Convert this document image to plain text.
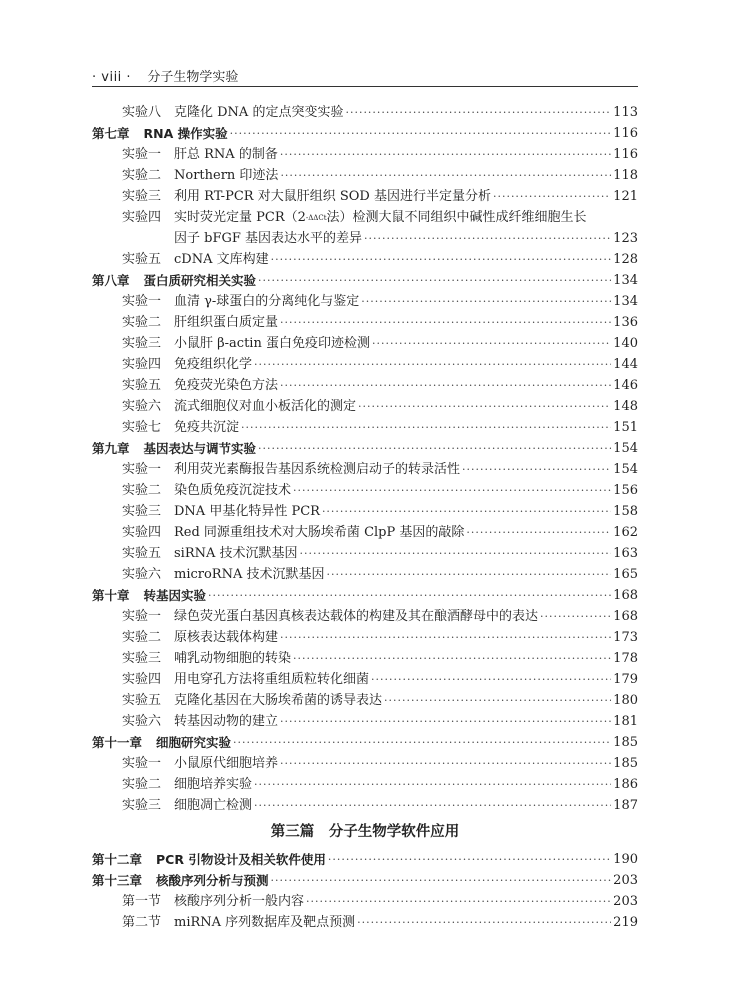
· viii · 分子生物学实验
第三篇　分子生物学软件应用
实验八 克隆化 DNA 的定点突变实验 ·····	113
第七章 RNA 操作实验 ·····	116
实验一 肝总 RNA 的制备 ·····	116
实验二 Northern 印迹法 ·····	118
实验三 利用 RT-PCR 对大鼠肝组织 SOD 基因进行半定量分析 ·····	121
实验四 实时荧光定量 PCR（2 -ΔΔCt 法）检测大鼠不同组织中碱性成纤维细胞生长
因子 bFGF 基因表达水平的差异 ·····	123
实验五 cDNA 文库构建 ·····	128
第八章 蛋白质研究相关实验 ·····	134
实验一 血清 γ-球蛋白的分离纯化与鉴定 ·····	134
实验二 肝组织蛋白质定量 ·····	136
实验三 小鼠肝 β-actin 蛋白免疫印迹检测 ·····	140
实验四 免疫组织化学 ·····	144
实验五 免疫荧光染色方法 ·····	146
实验六 流式细胞仪对血小板活化的测定 ·····	148
实验七 免疫共沉淀 ·····	151
第九章 基因表达与调节实验 ·····	154
实验一 利用荧光素酶报告基因系统检测启动子的转录活性 ·····	154
实验二 染色质免疫沉淀技术 ·····	156
实验三 DNA 甲基化特异性 PCR ·····	158
实验四 Red 同源重组技术对大肠埃希菌 ClpP 基因的敲除 ·····	162
实验五 siRNA 技术沉默基因 ·····	163
实验六 microRNA 技术沉默基因 ·····	165
第十章 转基因实验 ·····	168
实验一 绿色荧光蛋白基因真核表达载体的构建及其在酿酒酵母中的表达 ·····	168
实验二 原核表达载体构建 ·····	173
实验三 哺乳动物细胞的转染 ·····	178
实验四 用电穿孔方法将重组质粒转化细菌 ·····	179
实验五 克隆化基因在大肠埃希菌的诱导表达 ·····	180
实验六 转基因动物的建立 ·····	181
第十一章 细胞研究实验 ·····	185
实验一 小鼠原代细胞培养 ·····	185
实验二 细胞培养实验 ·····	186
实验三 细胞凋亡检测 ·····	187
第十二章 PCR 引物设计及相关软件使用 ·····	190
第十三章 核酸序列分析与预测 ·····	203
第一节 核酸序列分析一般内容 ·····	203
第二节 miRNA 序列数据库及靶点预测 ·····	219
